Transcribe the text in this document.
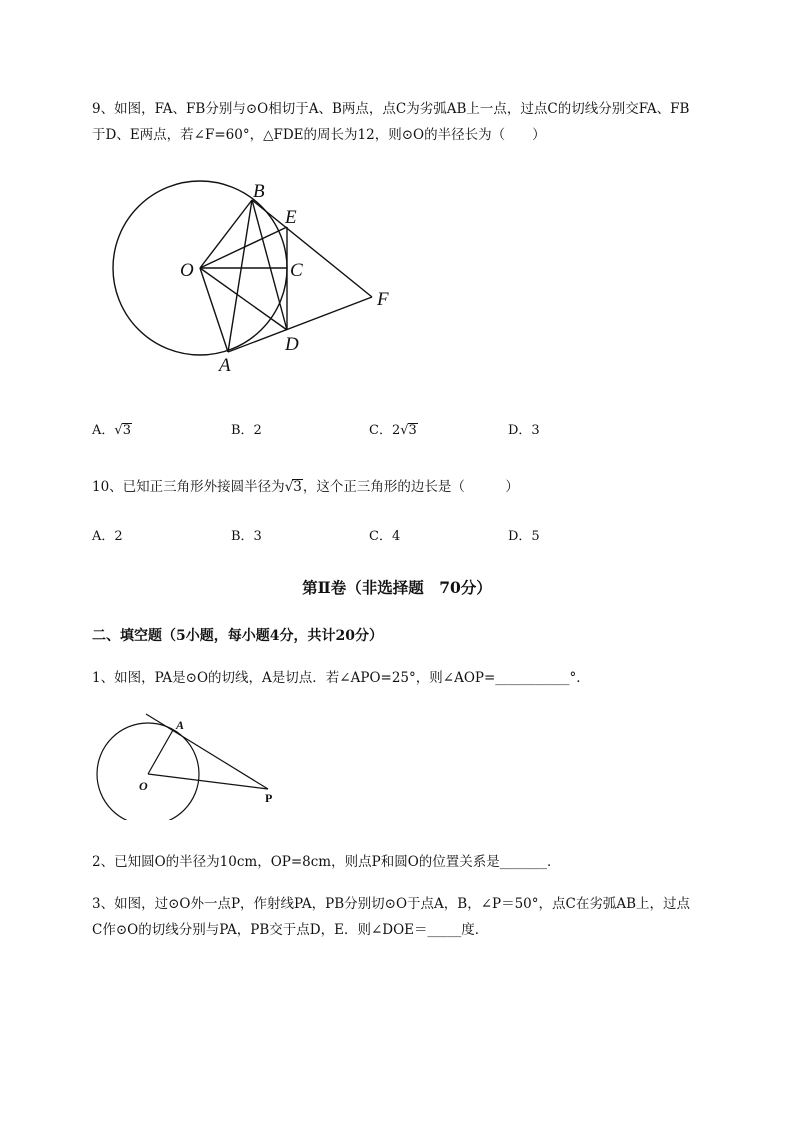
9、如图，FA、FB分别与⊙O相切于A、B两点，点C为劣弧AB上一点，过点C的切线分别交FA、FB
于D、E两点，若∠F=60°，△FDE的周长为12，则⊙O的半径长为（　　）
B
E
O	C
F
D
A
A．√3	B．2	C．2√3	D．3
10、已知正三角形外接圆半径为√3，这个正三角形的边长是（　　　）
A．2	B．3	C．4	D．5
第Ⅱ卷（非选择题　70分）
二、填空题（5小题，每小题4分，共计20分）
1、如图，PA是⊙O的切线，A是切点．若∠APO=25°，则∠AOP=___________°．
A
O
P
2、已知圆O的半径为10cm，OP=8cm，则点P和圆O的位置关系是_______．
3、如图，过⊙O外一点P，作射线PA，PB分别切⊙O于点A，B，∠P＝50°，点C在劣弧AB上，过点
C作⊙O的切线分别与PA，PB交于点D，E．则∠DOE＝_____度．
